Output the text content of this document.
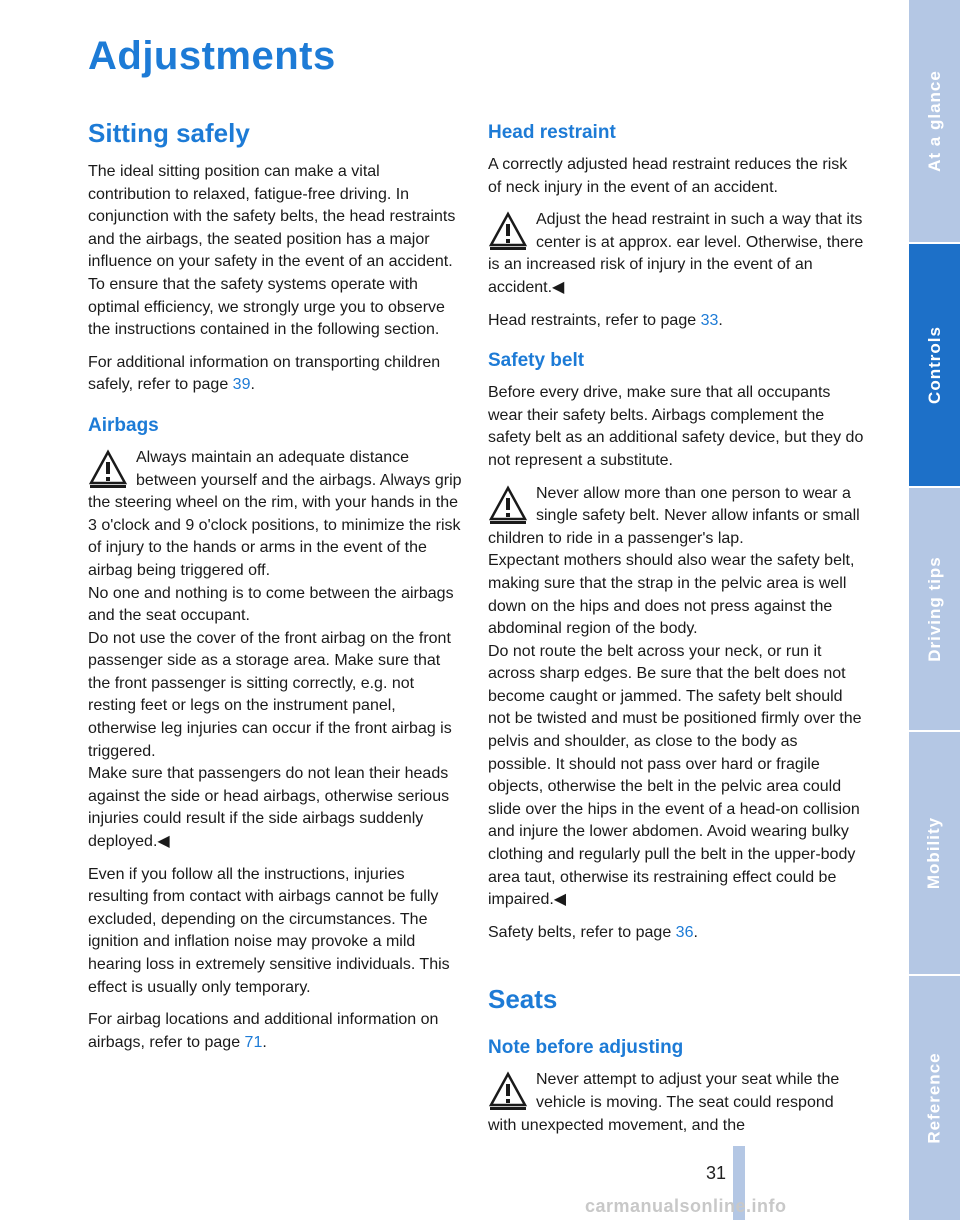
Adjustments
Sitting safely

The ideal sitting position can make a vital contribution to relaxed, fatigue-free driving. In conjunction with the safety belts, the head restraints and the airbags, the seated position has a major influence on your safety in the event of an accident. To ensure that the safety systems operate with optimal efficiency, we strongly urge you to observe the instructions contained in the following section.

For additional information on transporting children safely, refer to page 39.

Airbags

Always maintain an adequate distance between yourself and the airbags. Always grip the steering wheel on the rim, with your hands in the 3 o'clock and 9 o'clock positions, to minimize the risk of injury to the hands or arms in the event of the airbag being triggered off.

No one and nothing is to come between the airbags and the seat occupant.

Do not use the cover of the front airbag on the front passenger side as a storage area. Make sure that the front passenger is sitting correctly, e.g. not resting feet or legs on the instrument panel, otherwise leg injuries can occur if the front airbag is triggered.

Make sure that passengers do not lean their heads against the side or head airbags, otherwise serious injuries could result if the side airbags suddenly deployed.◀

Even if you follow all the instructions, injuries resulting from contact with airbags cannot be fully excluded, depending on the circumstances. The ignition and inflation noise may provoke a mild hearing loss in extremely sensitive individuals. This effect is usually only temporary.

For airbag locations and additional information on airbags, refer to page 71.

Head restraint

A correctly adjusted head restraint reduces the risk of neck injury in the event of an accident.

Adjust the head restraint in such a way that its center is at approx. ear level. Otherwise, there is an increased risk of injury in the event of an accident.◀

Head restraints, refer to page 33.

Safety belt

Before every drive, make sure that all occupants wear their safety belts. Airbags complement the safety belt as an additional safety device, but they do not represent a substitute.

Never allow more than one person to wear a single safety belt. Never allow infants or small children to ride in a passenger's lap.

Expectant mothers should also wear the safety belt, making sure that the strap in the pelvic area is well down on the hips and does not press against the abdominal region of the body.

Do not route the belt across your neck, or run it across sharp edges. Be sure that the belt does not become caught or jammed. The safety belt should not be twisted and must be positioned firmly over the pelvis and shoulder, as close to the body as possible. It should not pass over hard or fragile objects, otherwise the belt in the pelvic area could slide over the hips in the event of a head-on collision and injure the lower abdomen. Avoid wearing bulky clothing and regularly pull the belt in the upper-body area taut, otherwise its restraining effect could be impaired.◀

Safety belts, refer to page 36.

Seats
Note before adjusting

Never attempt to adjust your seat while the vehicle is moving. The seat could respond with unexpected movement, and the

At a glance
Controls
Driving tips
Mobility
Reference
31
carmanualsonline.info
